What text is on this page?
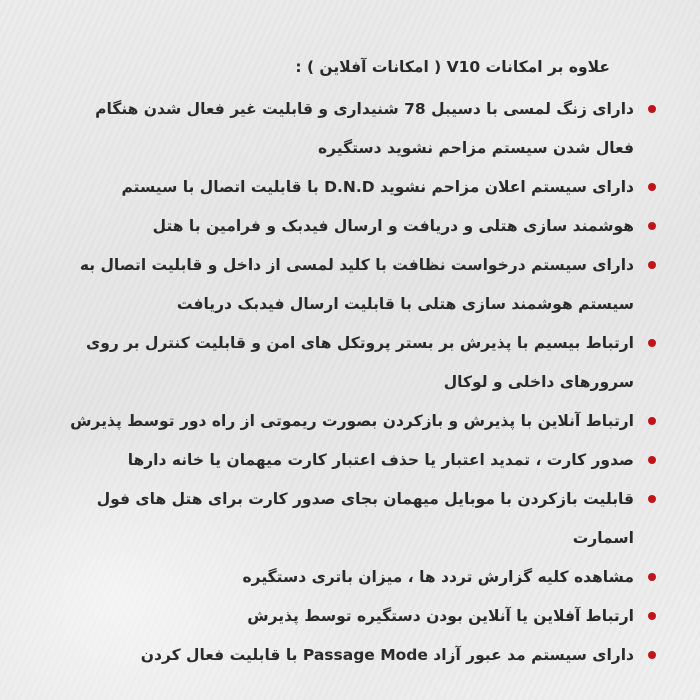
علاوه بر امکانات V10 ( امکانات آفلاین ) :

دارای زنگ لمسی با دسیبل 78 شنیداری و قابلیت غیر فعال شدن هنگام فعال شدن سیستم مزاحم نشوید دستگیره
دارای سیستم اعلان مزاحم نشوید D.N.D با قابلیت اتصال با سیستم
هوشمند سازی هتلی و دریافت و ارسال فیدبک و فرامین با هتل
دارای سیستم درخواست نظافت با کلید لمسی از داخل و قابلیت اتصال به سیستم هوشمند سازی هتلی با قابلیت ارسال فیدبک دریافت
ارتباط بیسیم با پذیرش بر بستر پروتکل های امن و قابلیت کنترل بر روی سرورهای داخلی و لوکال
ارتباط آنلاین با پذیرش و بازکردن بصورت ریموتی از راه دور توسط پذیرش
صدور کارت ، تمدید اعتبار یا حذف اعتبار کارت میهمان یا خانه دارها
قابلیت بازکردن با موبایل میهمان بجای صدور کارت برای هتل های فول اسمارت
مشاهده کلیه گزارش تردد ها ، میزان باتری دستگیره
ارتباط آفلاین یا آنلاین بودن دستگیره توسط پذیرش
دارای سیستم مد عبور آزاد Passage Mode با قابلیت فعال کردن
